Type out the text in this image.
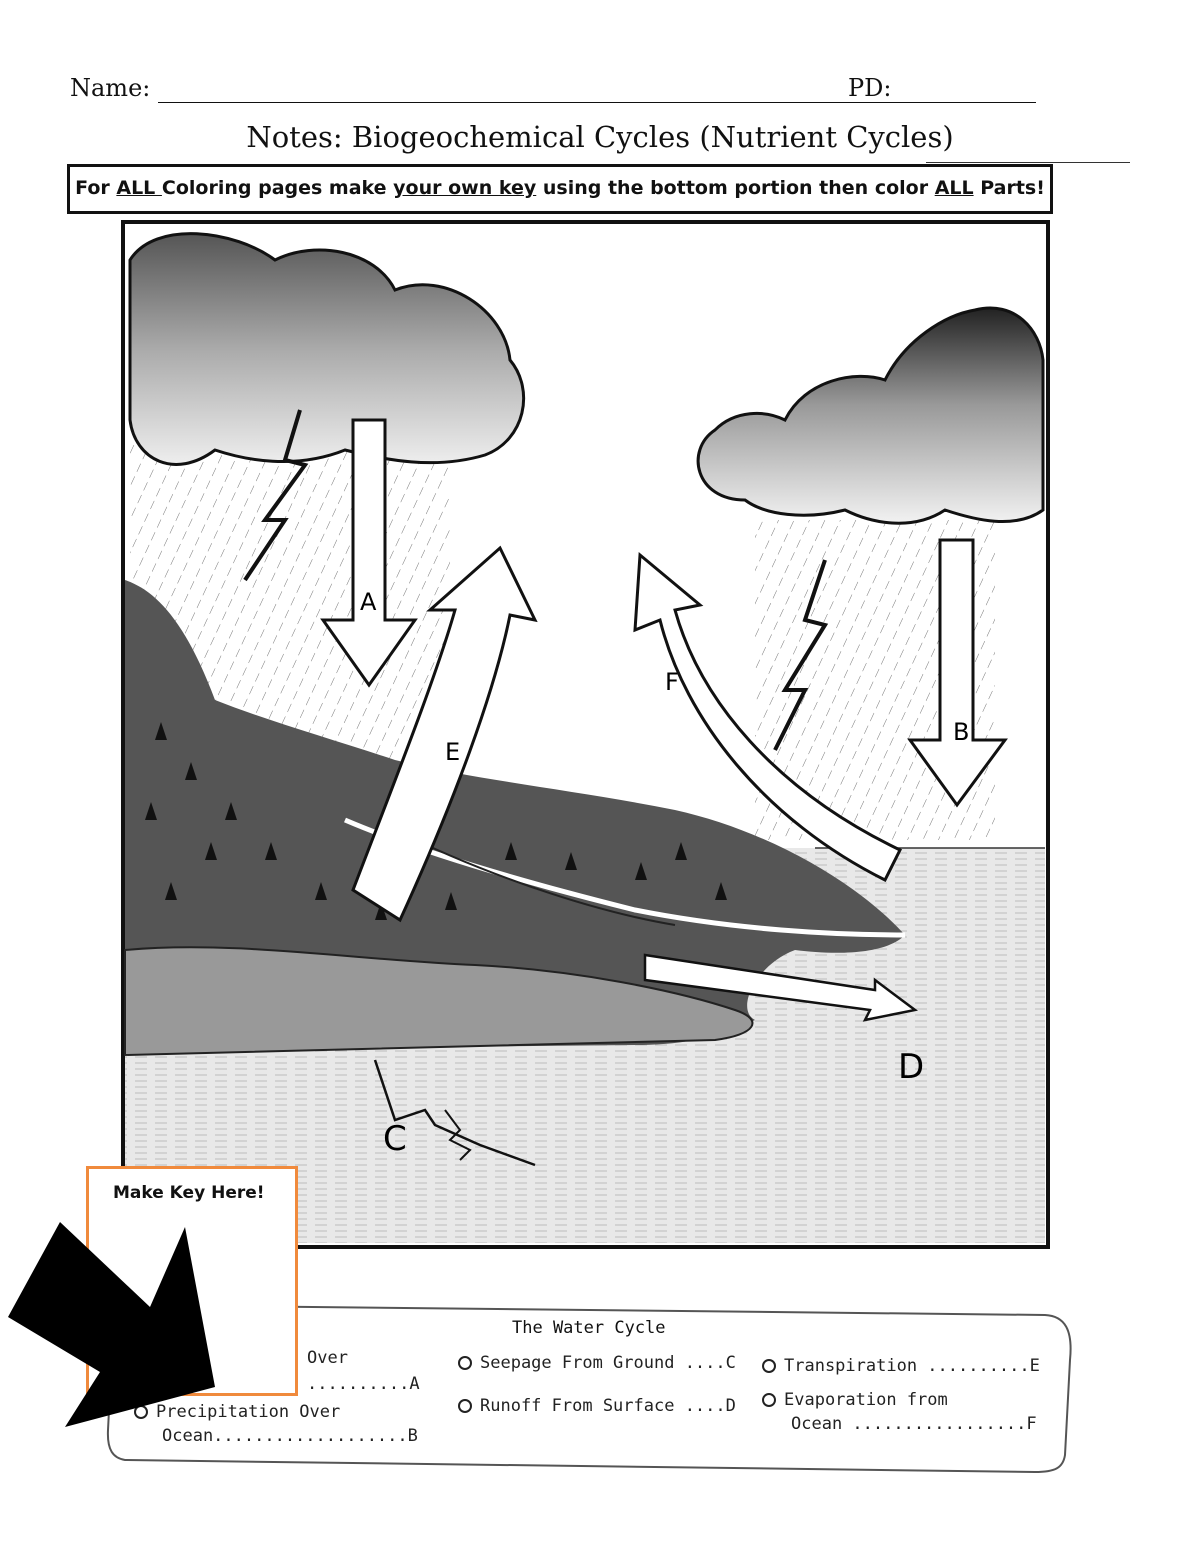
Name:	PD:
Notes: Biogeochemical Cycles (Nutrient Cycles)
For ALL Coloring pages make your own key using the bottom portion then color ALL Parts!
A
B
E
F
D
C
The Water Cycle
Over
..........A
Precipitation Over
Ocean...................B
Seepage From Ground ....C
Runoff From Surface ....D
Transpiration ..........E
Evaporation from
Ocean .................F
Make Key Here!
